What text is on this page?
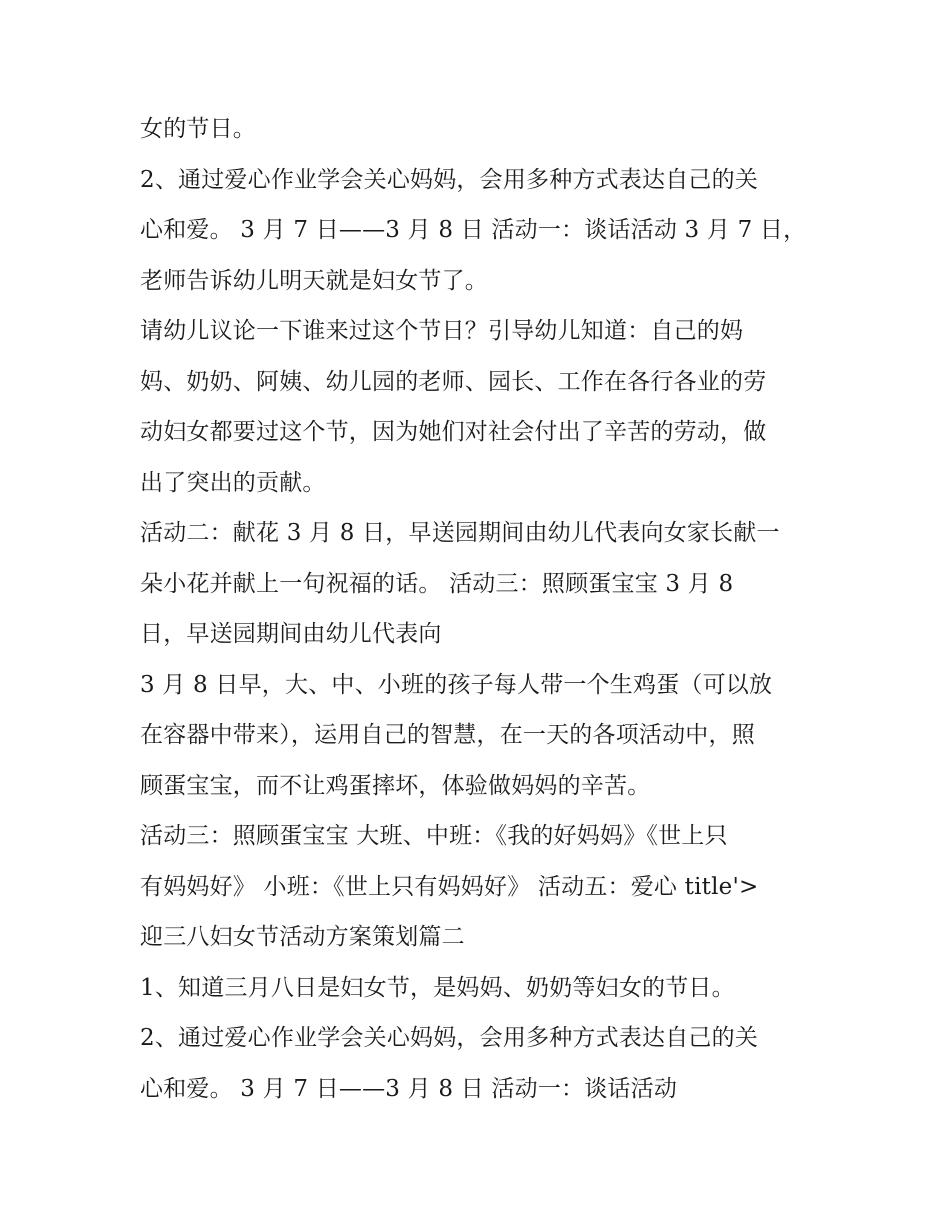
女的节日。
2、通过爱心作业学会关心妈妈，会用多种方式表达自己的关
心和爱。 3 月 7 日——3 月 8 日 活动一：谈话活动 3 月 7 日，
老师告诉幼儿明天就是妇女节了。
请幼儿议论一下谁来过这个节日？引导幼儿知道：自己的妈
妈、奶奶、阿姨、幼儿园的老师、园长、工作在各行各业的劳
动妇女都要过这个节，因为她们对社会付出了辛苦的劳动，做
出了突出的贡献。
活动二：献花 3 月 8 日，早送园期间由幼儿代表向女家长献一
朵小花并献上一句祝福的话。 活动三：照顾蛋宝宝 3 月 8
日，早送园期间由幼儿代表向
3 月 8 日早，大、中、小班的孩子每人带一个生鸡蛋（可以放
在容器中带来），运用自己的智慧，在一天的各项活动中，照
顾蛋宝宝，而不让鸡蛋摔坏，体验做妈妈的辛苦。
活动三：照顾蛋宝宝 大班、中班：《我的好妈妈》《世上只
有妈妈好》 小班：《世上只有妈妈好》 活动五：爱心 title'>
迎三八妇女节活动方案策划篇二
1、知道三月八日是妇女节，是妈妈、奶奶等妇女的节日。
2、通过爱心作业学会关心妈妈，会用多种方式表达自己的关
心和爱。 3 月 7 日——3 月 8 日 活动一：谈话活动
